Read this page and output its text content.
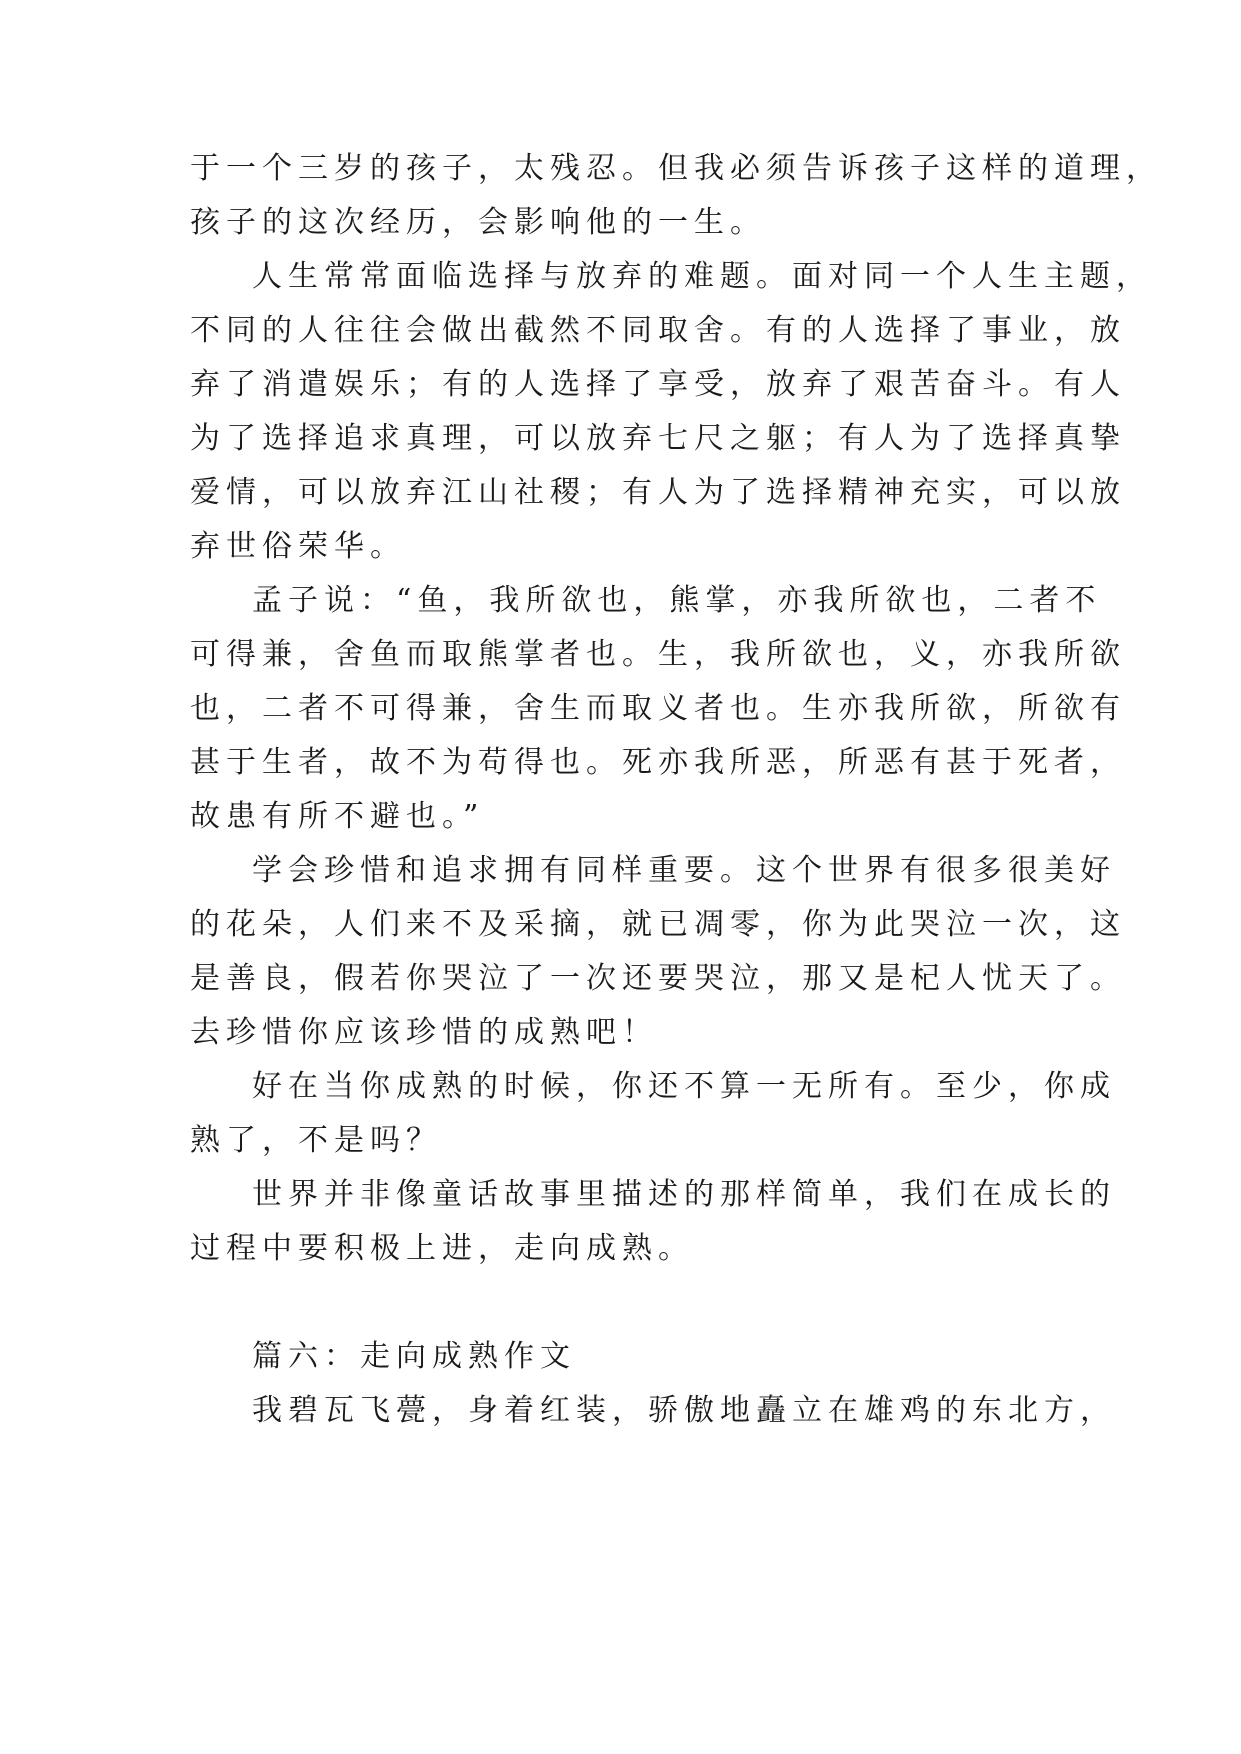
于一个三岁的孩子，太残忍。但我必须告诉孩子这样的道理，

孩子的这次经历，会影响他的一生。

人生常常面临选择与放弃的难题。面对同一个人生主题，

不同的人往往会做出截然不同取舍。有的人选择了事业，放

弃了消遣娱乐；有的人选择了享受，放弃了艰苦奋斗。有人

为了选择追求真理，可以放弃七尺之躯；有人为了选择真挚

爱情，可以放弃江山社稷；有人为了选择精神充实，可以放

弃世俗荣华。

孟子说：“鱼，我所欲也，熊掌，亦我所欲也，二者不

可得兼，舍鱼而取熊掌者也。生，我所欲也，义，亦我所欲

也，二者不可得兼，舍生而取义者也。生亦我所欲，所欲有

甚于生者，故不为苟得也。死亦我所恶，所恶有甚于死者，

故患有所不避也。”

学会珍惜和追求拥有同样重要。这个世界有很多很美好

的花朵，人们来不及采摘，就已凋零，你为此哭泣一次，这

是善良，假若你哭泣了一次还要哭泣，那又是杞人忧天了。

去珍惜你应该珍惜的成熟吧！

好在当你成熟的时候，你还不算一无所有。至少，你成

熟了，不是吗？

世界并非像童话故事里描述的那样简单，我们在成长的

过程中要积极上进，走向成熟。

篇六：走向成熟作文

我碧瓦飞甍，身着红装，骄傲地矗立在雄鸡的东北方，
